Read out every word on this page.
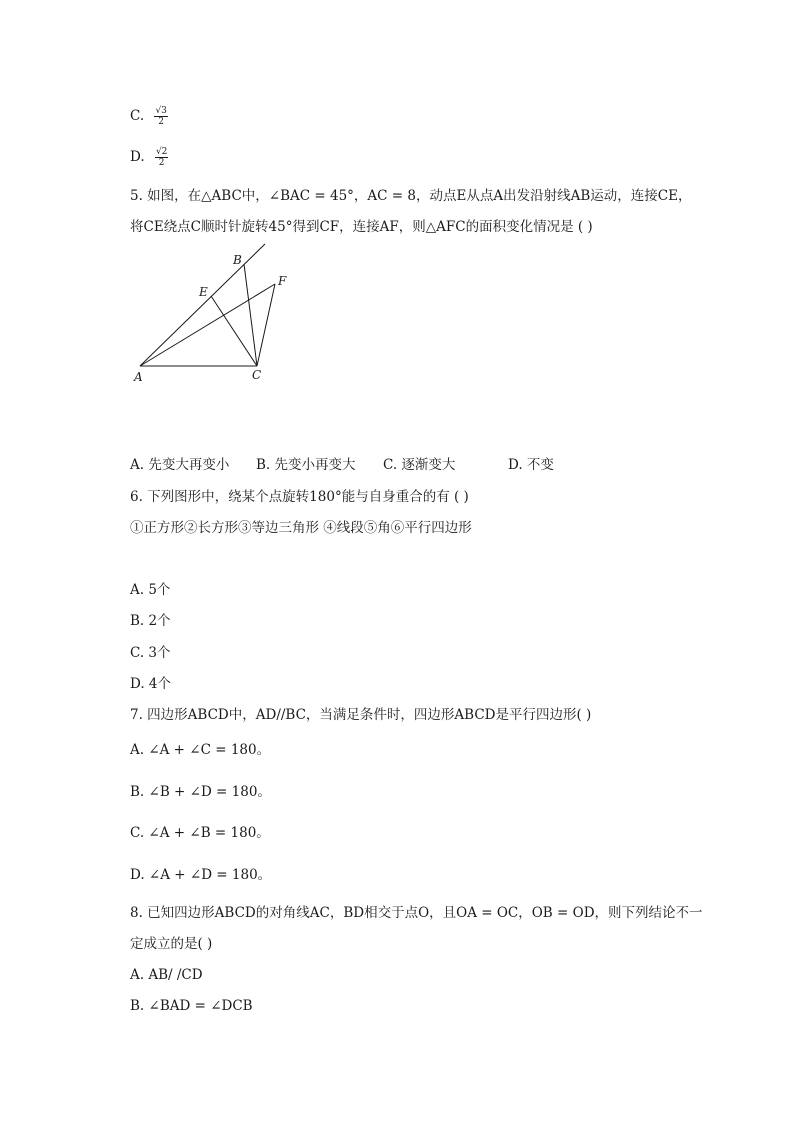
C. $\frac{√3}{2}$
D. $\frac{√2}{2}$
5. 如图，在△ABC中，∠BAC = 45°，AC = 8，动点E从点A出发沿射线AB运动，连接CE，
将CE绕点C顺时针旋转45°得到CF，连接AF，则△AFC的面积变化情况是 ( )
A
B
C
E
F
A. 先变大再变小 B. 先变小再变大 C. 逐渐变大	D. 不变
6. 下列图形中，绕某个点旋转180°能与自身重合的有 ( )
①正方形②长方形③等边三角形 ④线段⑤角⑥平行四边形
A. 5个
B. 2个
C. 3个
D. 4个
7. 四边形ABCD中，AD//BC，当满足条件时，四边形ABCD是平行四边形( )
A. ∠A + ∠C = 180。
B. ∠B + ∠D = 180。
C. ∠A + ∠B = 180。
D. ∠A + ∠D = 180。
8. 已知四边形ABCD的对角线AC，BD相交于点O，且OA = OC，OB = OD，则下列结论不一
定成立的是( )
A. AB/ /CD
B. ∠BAD = ∠DCB
